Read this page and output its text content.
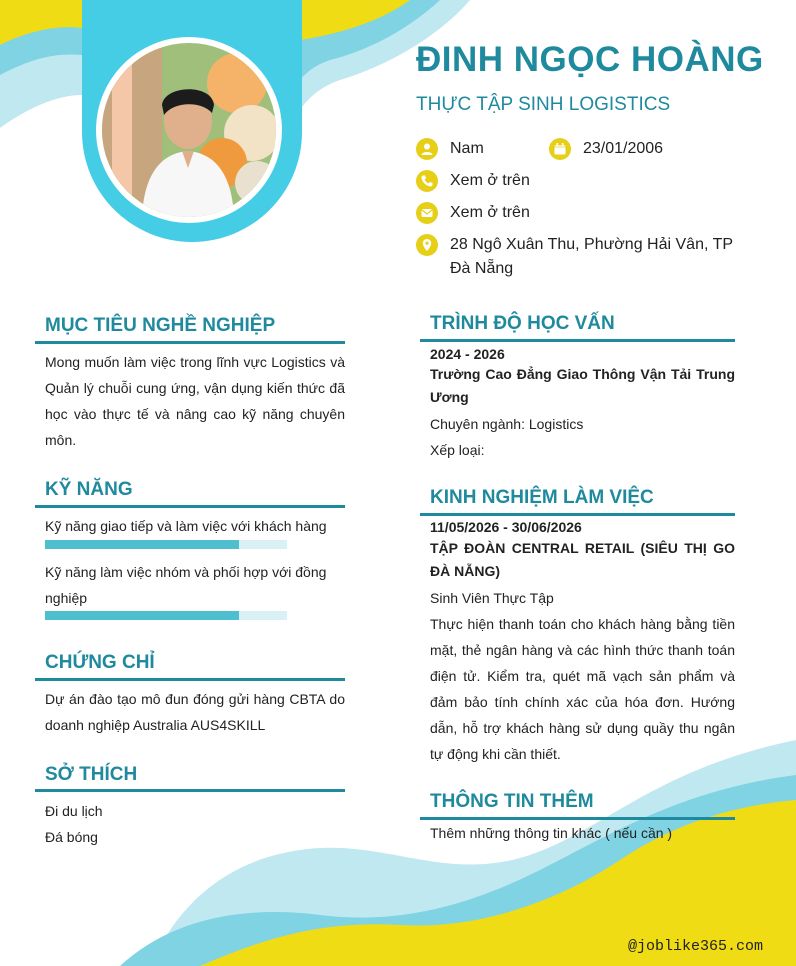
ĐINH NGỌC HOÀNG
THỰC TẬP SINH LOGISTICS
Nam	23/01/2006
Xem ở trên
Xem ở trên
28 Ngô Xuân Thu, Phường Hải Vân, TP Đà Nẵng
MỤC TIÊU NGHỀ NGHIỆP
Mong muốn làm việc trong lĩnh vực Logistics và Quản lý chuỗi cung ứng, vận dụng kiến thức đã học vào thực tế và nâng cao kỹ năng chuyên môn.
KỸ NĂNG
Kỹ năng giao tiếp và làm việc với khách hàng
Kỹ năng làm việc nhóm và phối hợp với đồng nghiệp
CHỨNG CHỈ
Dự án đào tạo mô đun đóng gửi hàng CBTA do doanh nghiệp Australia AUS4SKILL
SỞ THÍCH
Đi du lịch
Đá bóng
TRÌNH ĐỘ HỌC VẤN
2024 - 2026
Trường Cao Đẳng Giao Thông Vận Tải Trung Ương
Chuyên ngành: Logistics
Xếp loại:
KINH NGHIỆM LÀM VIỆC
11/05/2026 - 30/06/2026
TẬP ĐOÀN CENTRAL RETAIL (SIÊU THỊ GO ĐÀ NẴNG)
Sinh Viên Thực Tập
Thực hiện thanh toán cho khách hàng bằng tiền mặt, thẻ ngân hàng và các hình thức thanh toán điện tử. Kiểm tra, quét mã vạch sản phẩm và đảm bảo tính chính xác của hóa đơn. Hướng dẫn, hỗ trợ khách hàng sử dụng quầy thu ngân tự động khi cần thiết.
THÔNG TIN THÊM
Thêm những thông tin khác ( nếu cần )
@joblike365.com
